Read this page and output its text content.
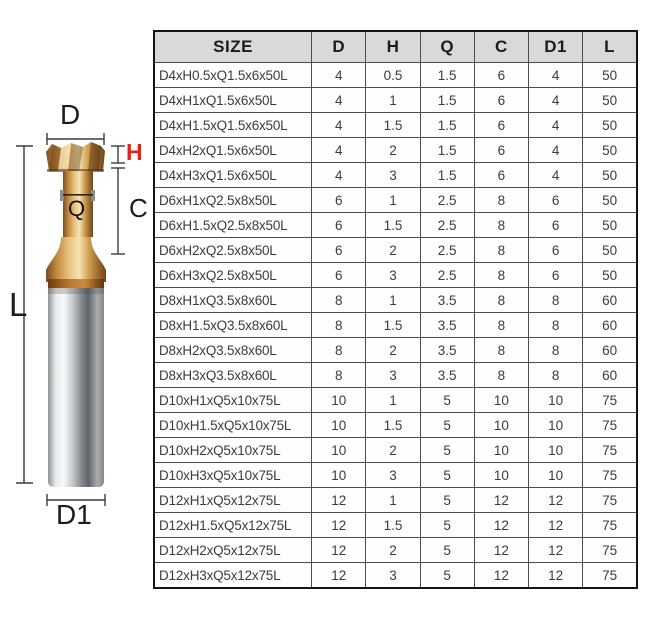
D
H
Q C
L
D1
SIZE	D	H	Q	C	D1	L
D4xH0.5xQ1.5x6x50L	4	0.5	1.5	6	4	50
D4xH1xQ1.5x6x50L	4	1	1.5	6	4	50
D4xH1.5xQ1.5x6x50L	4	1.5	1.5	6	4	50
D4xH2xQ1.5x6x50L	4	2	1.5	6	4	50
D4xH3xQ1.5x6x50L	4	3	1.5	6	4	50
D6xH1xQ2.5x8x50L	6	1	2.5	8	6	50
D6xH1.5xQ2.5x8x50L	6	1.5	2.5	8	6	50
D6xH2xQ2.5x8x50L	6	2	2.5	8	6	50
D6xH3xQ2.5x8x50L	6	3	2.5	8	6	50
D8xH1xQ3.5x8x60L	8	1	3.5	8	8	60
D8xH1.5xQ3.5x8x60L	8	1.5	3.5	8	8	60
D8xH2xQ3.5x8x60L	8	2	3.5	8	8	60
D8xH3xQ3.5x8x60L	8	3	3.5	8	8	60
D10xH1xQ5x10x75L	10	1	5	10	10	75
D10xH1.5xQ5x10x75L	10	1.5	5	10	10	75
D10xH2xQ5x10x75L	10	2	5	10	10	75
D10xH3xQ5x10x75L	10	3	5	10	10	75
D12xH1xQ5x12x75L	12	1	5	12	12	75
D12xH1.5xQ5x12x75L	12	1.5	5	12	12	75
D12xH2xQ5x12x75L	12	2	5	12	12	75
D12xH3xQ5x12x75L	12	3	5	12	12	75
